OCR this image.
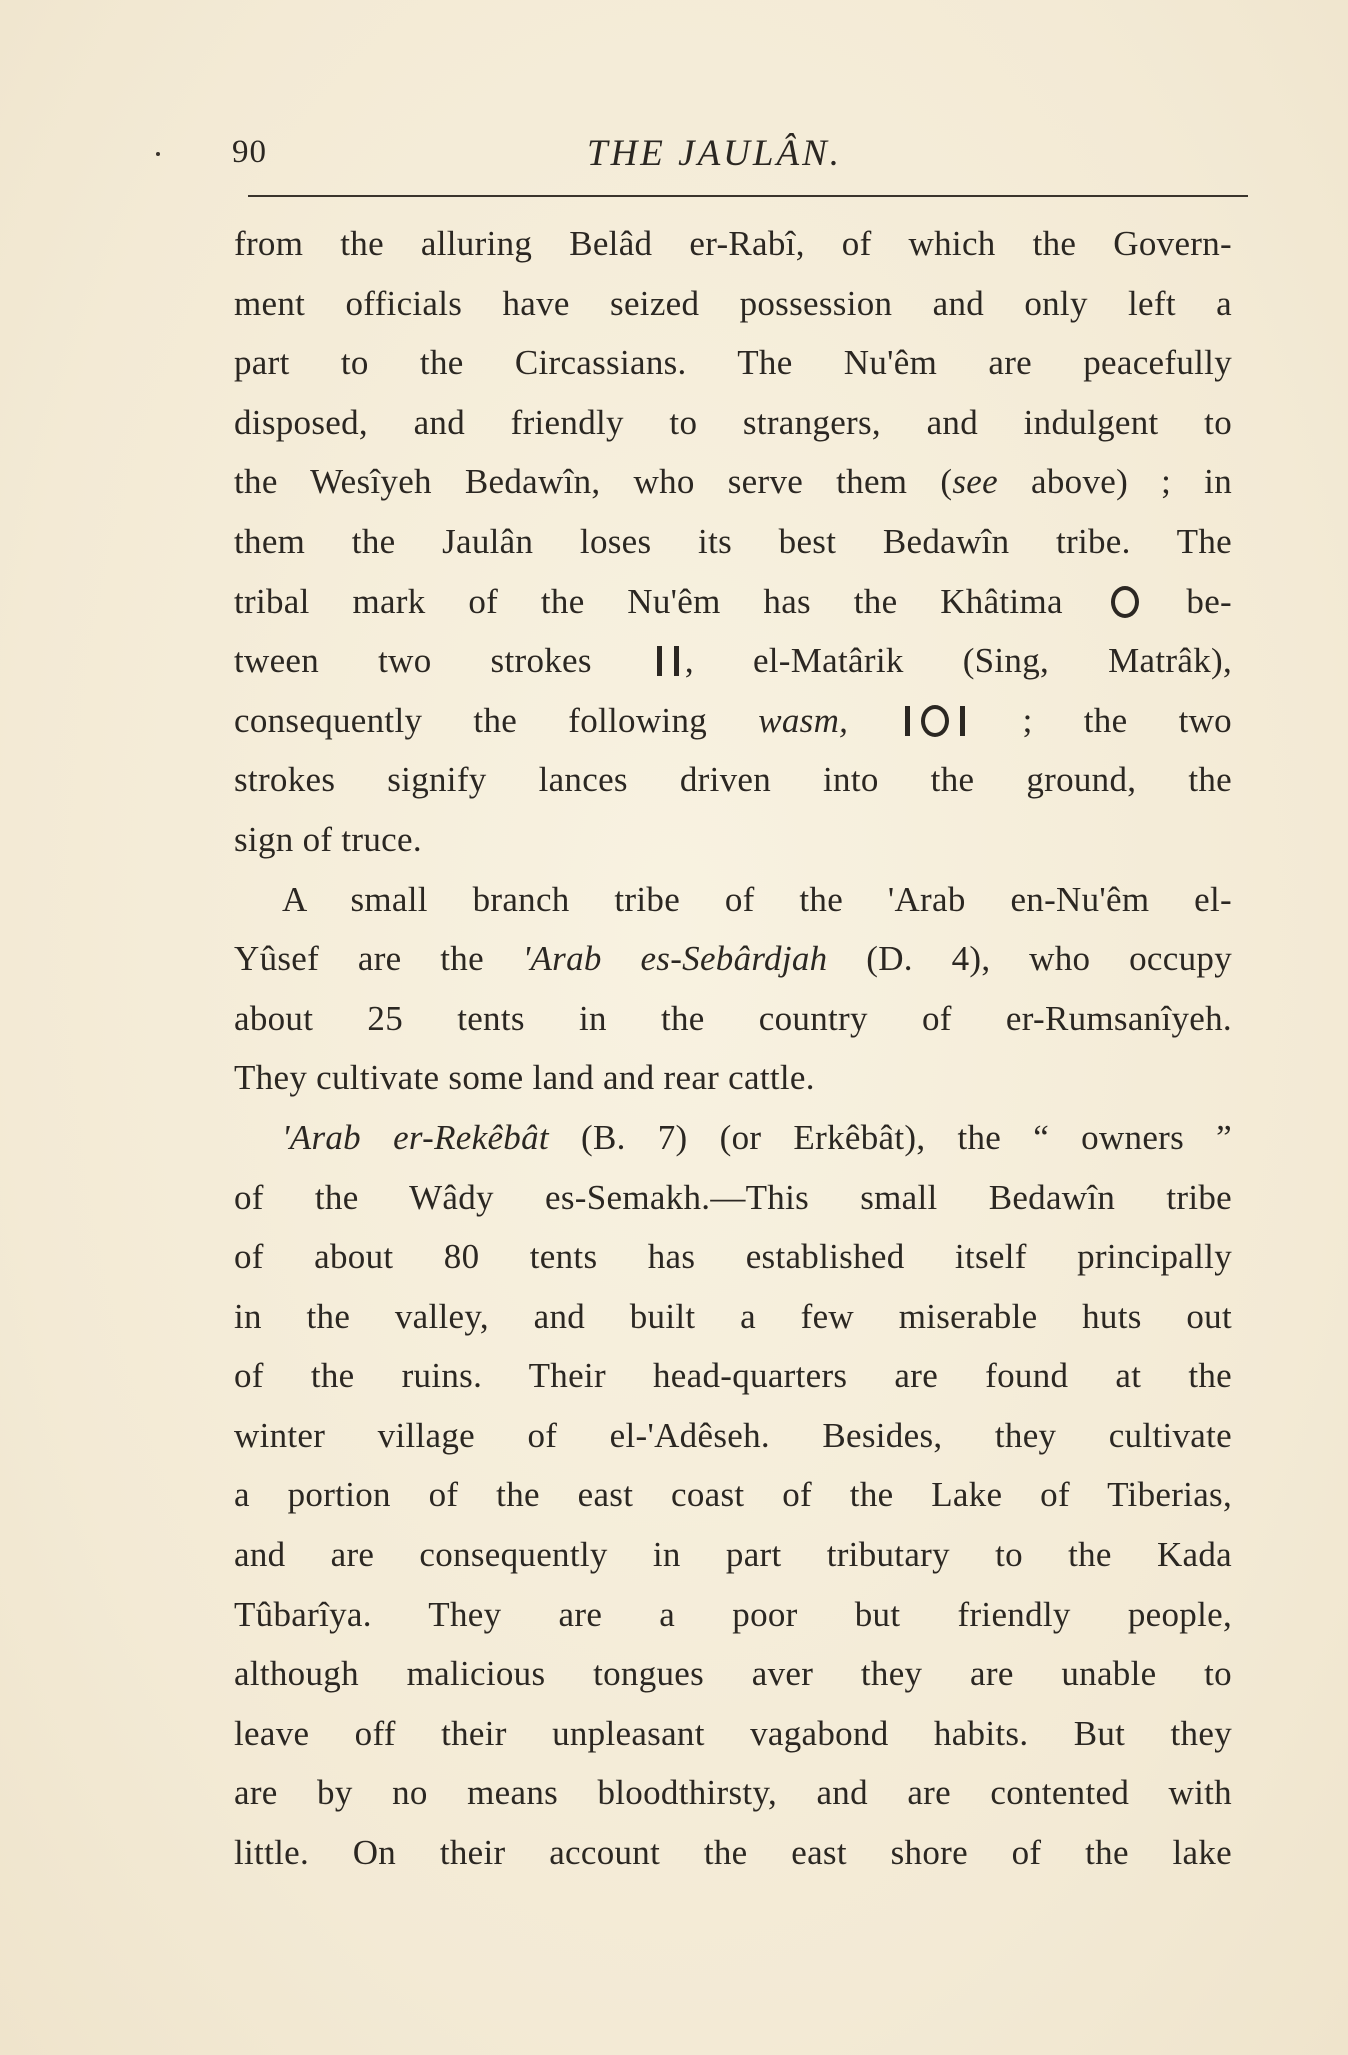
90	THE JAULÂN.
from the alluring Belâd er-Rabî, of which the Govern-
ment officials have seized possession and only left a
part to the Circassians. The Nu'êm are peacefully
disposed, and friendly to strangers, and indulgent to
the Wesîyeh Bedawîn, who serve them (see above) ; in
them the Jaulân loses its best Bedawîn tribe. The
tribal mark of the Nu'êm has the Khâtima	be-
tween two strokes	, el-Matârik (Sing, Matrâk),
consequently the following wasm,	; the two
strokes signify lances driven into the ground, the
sign of truce.
A small branch tribe of the 'Arab en-Nu'êm el-
Yûsef are the 'Arab es-Sebârdjah (D. 4), who occupy
about 25 tents in the country of er-Rumsanîyeh.
They cultivate some land and rear cattle.
'Arab er-Rekêbât (B. 7) (or Erkêbât), the “ owners ”
of the Wâdy es-Semakh.—This small Bedawîn tribe
of about 80 tents has established itself principally
in the valley, and built a few miserable huts out
of the ruins. Their head-quarters are found at the
winter village of el-'Adêseh. Besides, they cultivate
a portion of the east coast of the Lake of Tiberias,
and are consequently in part tributary to the Kada
Tûbarîya. They are a poor but friendly people,
although malicious tongues aver they are unable to
leave off their unpleasant vagabond habits. But they
are by no means bloodthirsty, and are contented with
little. On their account the east shore of the lake
